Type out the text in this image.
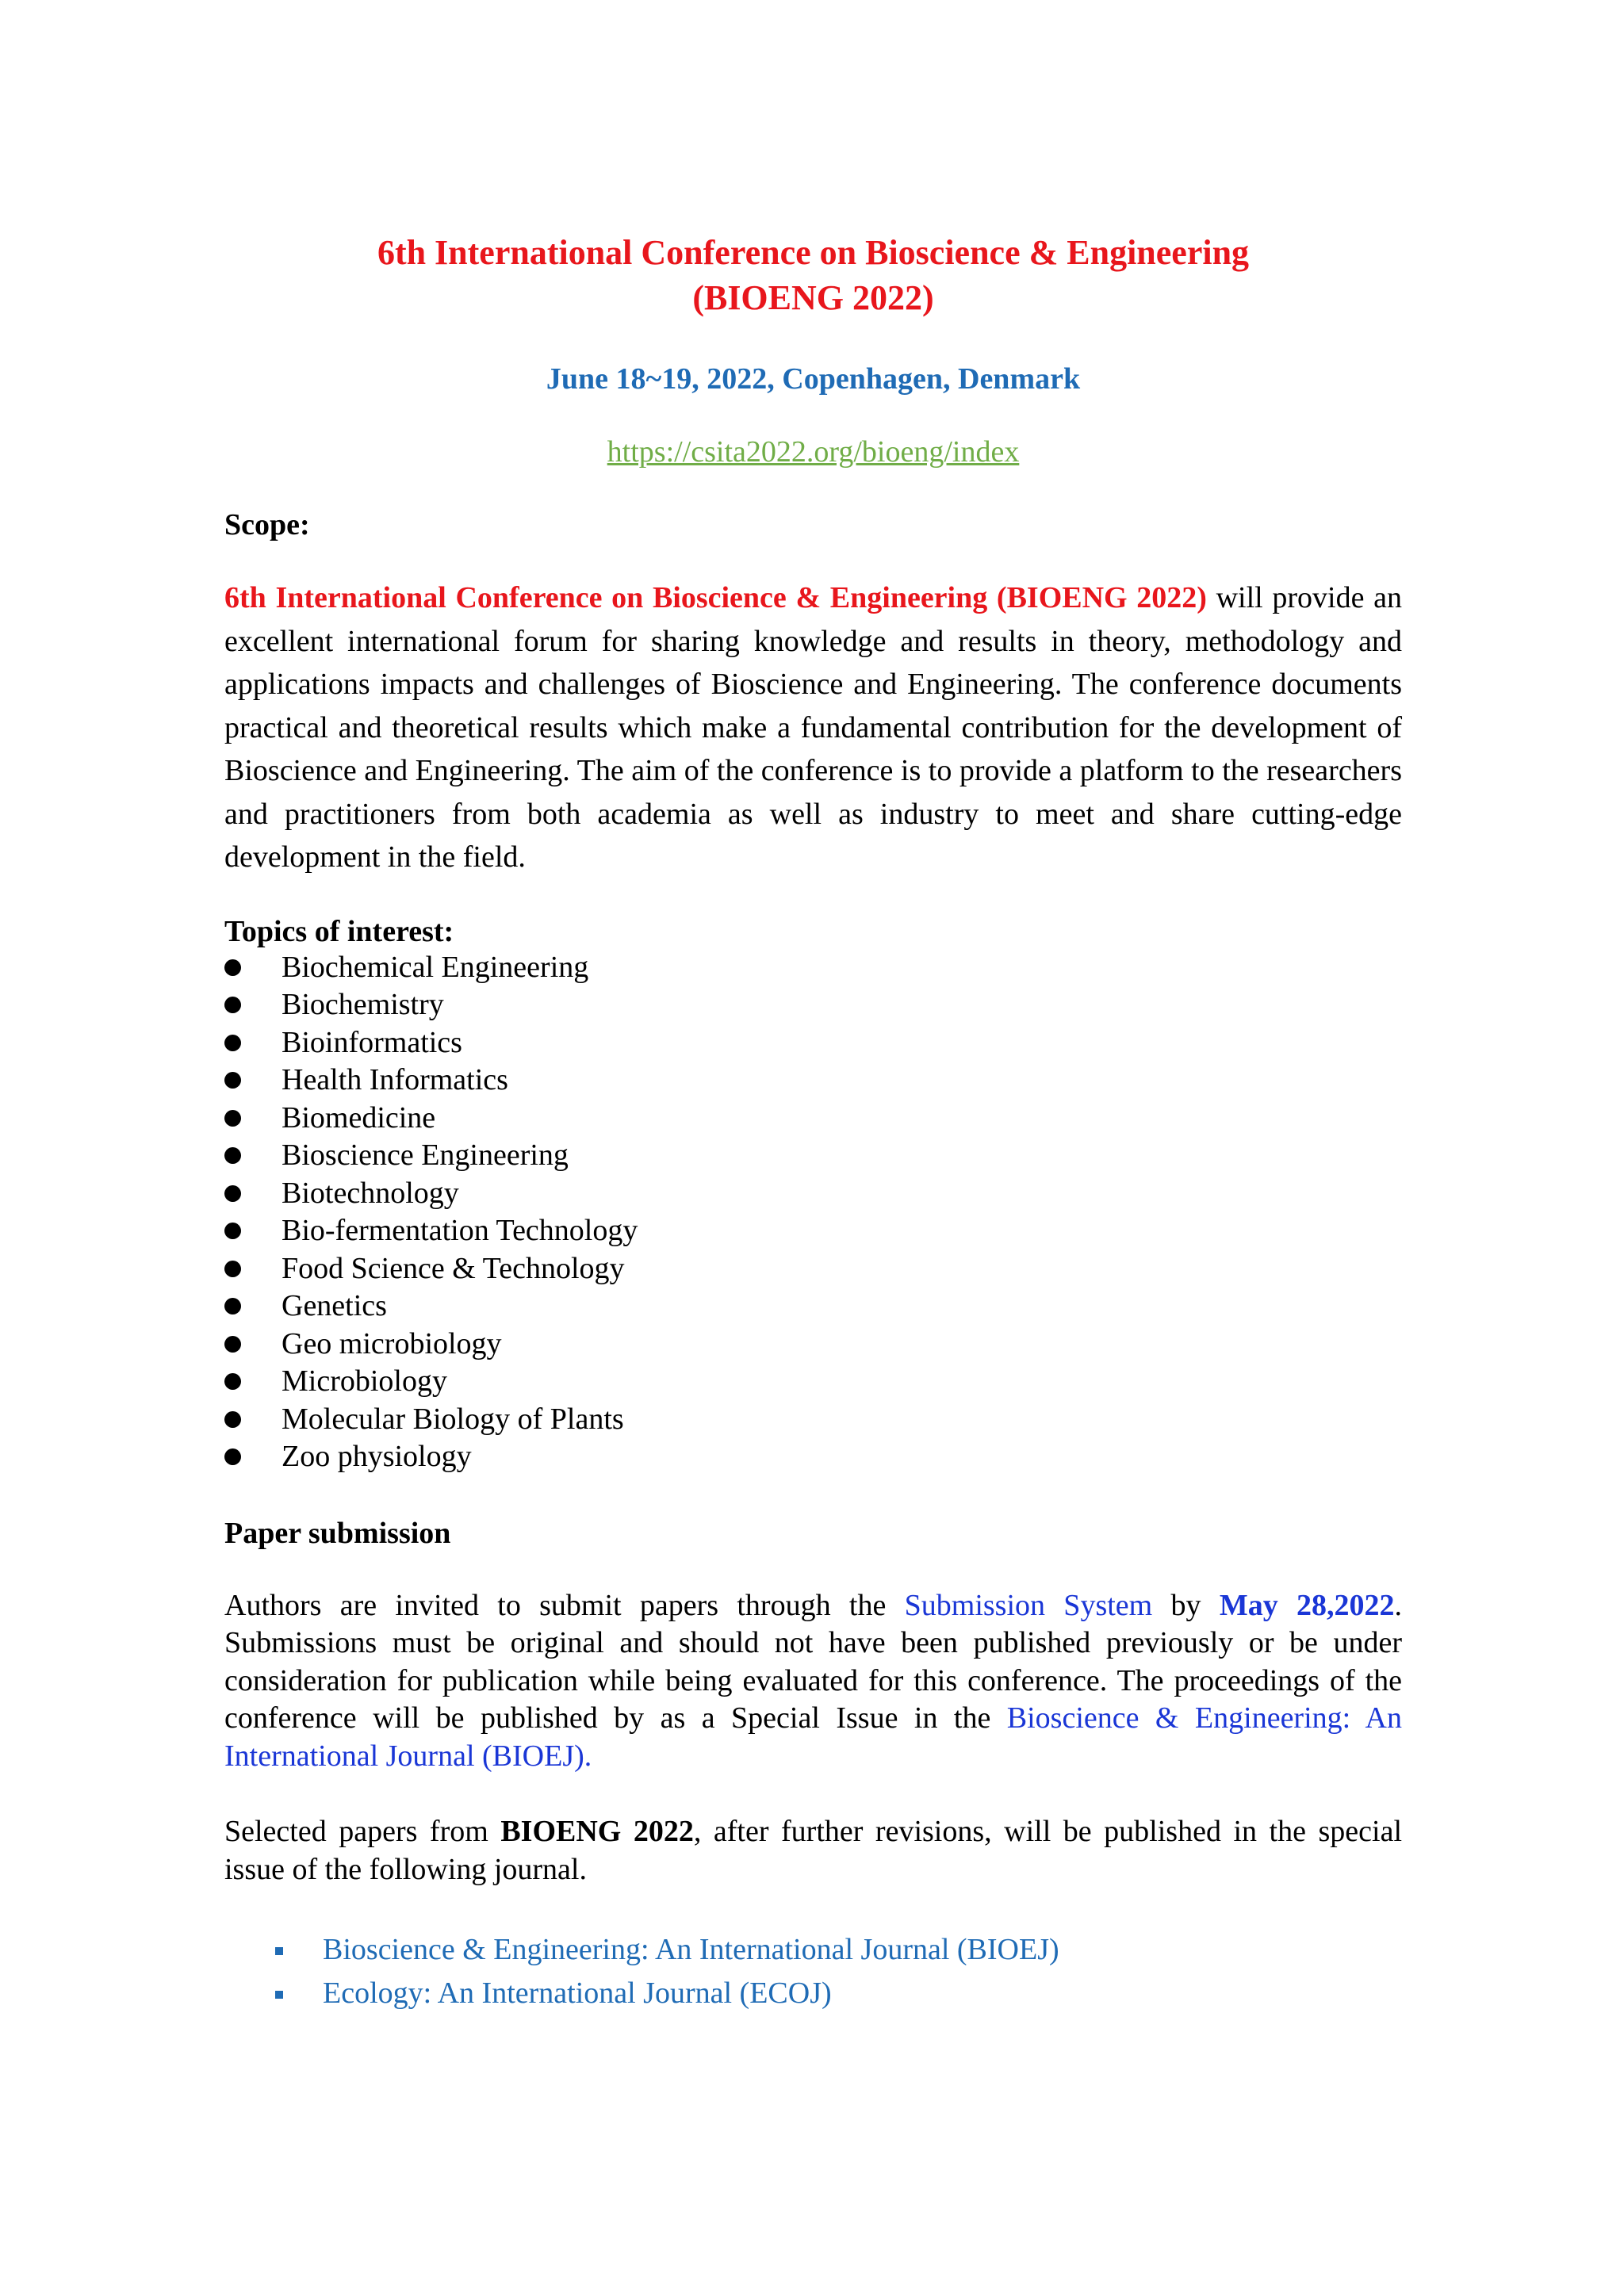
6th International Conference on Bioscience & Engineering
(BIOENG 2022)

June 18~19, 2022, Copenhagen, Denmark

https://csita2022.org/bioeng/index

Scope:

6th International Conference on Bioscience & Engineering (BIOENG 2022) will provide an excellent international forum for sharing knowledge and results in theory, methodology and applications impacts and challenges of Bioscience and Engineering. The conference documents practical and theoretical results which make a fundamental contribution for the development of Bioscience and Engineering. The aim of the conference is to provide a platform to the researchers and practitioners from both academia as well as industry to meet and share cutting-edge development in the field.

Topics of interest:

Biochemical Engineering
Biochemistry
Bioinformatics
Health Informatics
Biomedicine
Bioscience Engineering
Biotechnology
Bio-fermentation Technology
Food Science & Technology
Genetics
Geo microbiology
Microbiology
Molecular Biology of Plants
Zoo physiology

Paper submission

Authors are invited to submit papers through the Submission System by May 28,2022. Submissions must be original and should not have been published previously or be under consideration for publication while being evaluated for this conference. The proceedings of the conference will be published by as a Special Issue in the Bioscience & Engineering: An International Journal (BIOEJ).

Selected papers from BIOENG 2022, after further revisions, will be published in the special issue of the following journal.

Bioscience & Engineering: An International Journal (BIOEJ)
Ecology: An International Journal (ECOJ)
